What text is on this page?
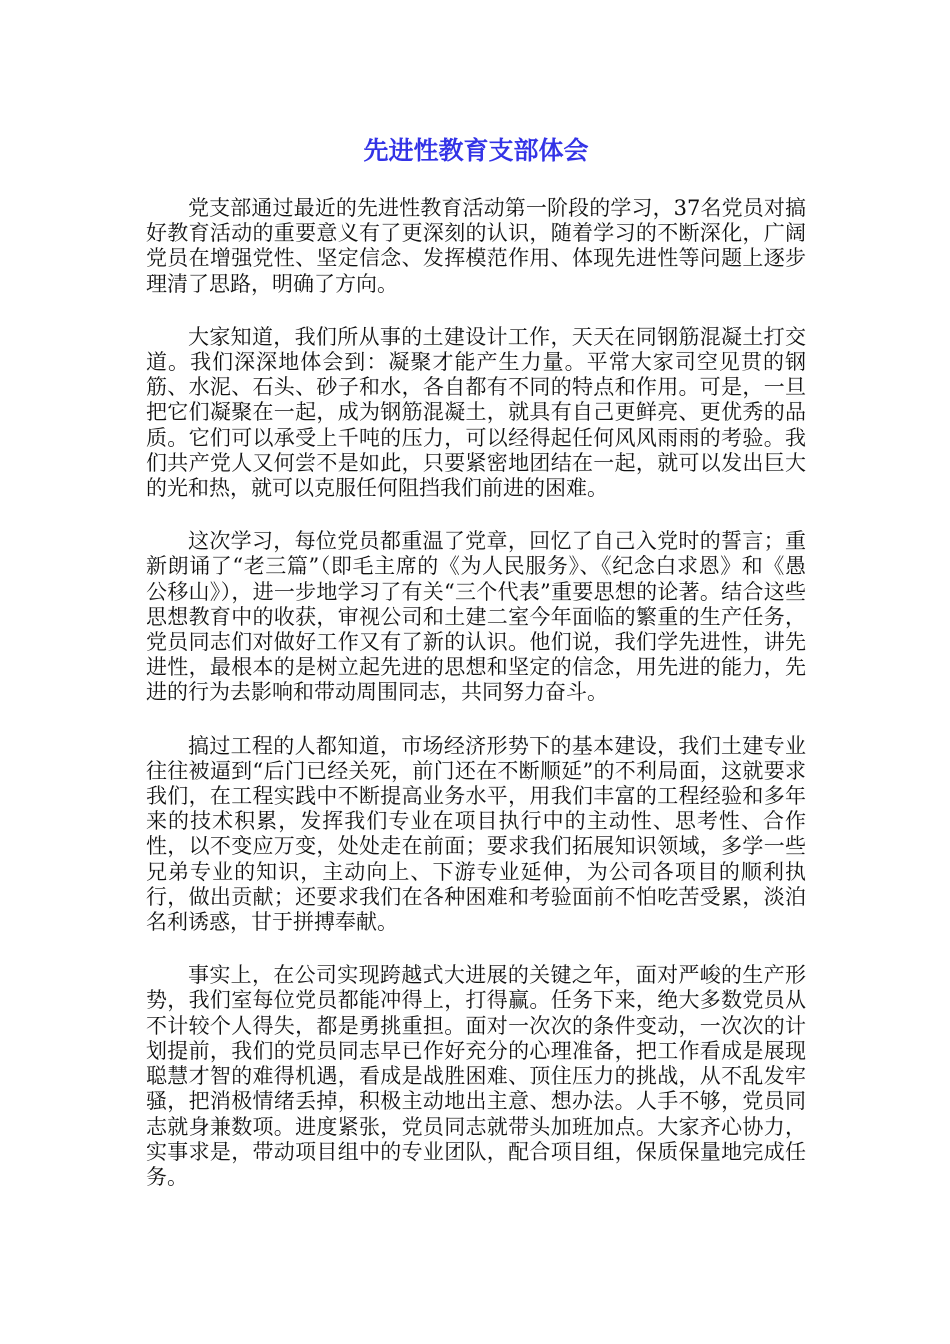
先进性教育支部体会

党支部通过最近的先进性教育活动第一阶段的学习，37名党员对搞好教育活动的重要意义有了更深刻的认识，随着学习的不断深化，广阔党员在增强党性、坚定信念、发挥模范作用、体现先进性等问题上逐步理清了思路，明确了方向。

大家知道，我们所从事的土建设计工作，天天在同钢筋混凝土打交道。我们深深地体会到：凝聚才能产生力量。平常大家司空见贯的钢筋、水泥、石头、砂子和水，各自都有不同的特点和作用。可是，一旦把它们凝聚在一起，成为钢筋混凝土，就具有自己更鲜亮、更优秀的品质。它们可以承受上千吨的压力，可以经得起任何风风雨雨的考验。我们共产党人又何尝不是如此，只要紧密地团结在一起，就可以发出巨大的光和热，就可以克服任何阻挡我们前进的困难。

这次学习，每位党员都重温了党章，回忆了自己入党时的誓言；重新朗诵了“老三篇”（即毛主席的《为人民服务》、《纪念白求恩》和《愚公移山》），进一步地学习了有关“三个代表”重要思想的论著。结合这些思想教育中的收获，审视公司和土建二室今年面临的繁重的生产任务，党员同志们对做好工作又有了新的认识。他们说，我们学先进性，讲先进性，最根本的是树立起先进的思想和坚定的信念，用先进的能力，先进的行为去影响和带动周围同志，共同努力奋斗。

搞过工程的人都知道，市场经济形势下的基本建设，我们土建专业往往被逼到“后门已经关死，前门还在不断顺延”的不利局面，这就要求我们，在工程实践中不断提高业务水平，用我们丰富的工程经验和多年来的技术积累，发挥我们专业在项目执行中的主动性、思考性、合作性，以不变应万变，处处走在前面；要求我们拓展知识领域，多学一些兄弟专业的知识，主动向上、下游专业延伸，为公司各项目的顺利执行，做出贡献；还要求我们在各种困难和考验面前不怕吃苦受累，淡泊名利诱惑，甘于拼搏奉献。

事实上，在公司实现跨越式大进展的关键之年，面对严峻的生产形势，我们室每位党员都能冲得上，打得赢。任务下来，绝大多数党员从不计较个人得失，都是勇挑重担。面对一次次的条件变动，一次次的计划提前，我们的党员同志早已作好充分的心理准备，把工作看成是展现聪慧才智的难得机遇，看成是战胜困难、顶住压力的挑战，从不乱发牢骚，把消极情绪丢掉，积极主动地出主意、想办法。人手不够，党员同志就身兼数项。进度紧张，党员同志就带头加班加点。大家齐心协力，实事求是，带动项目组中的专业团队，配合项目组，保质保量地完成任务。
